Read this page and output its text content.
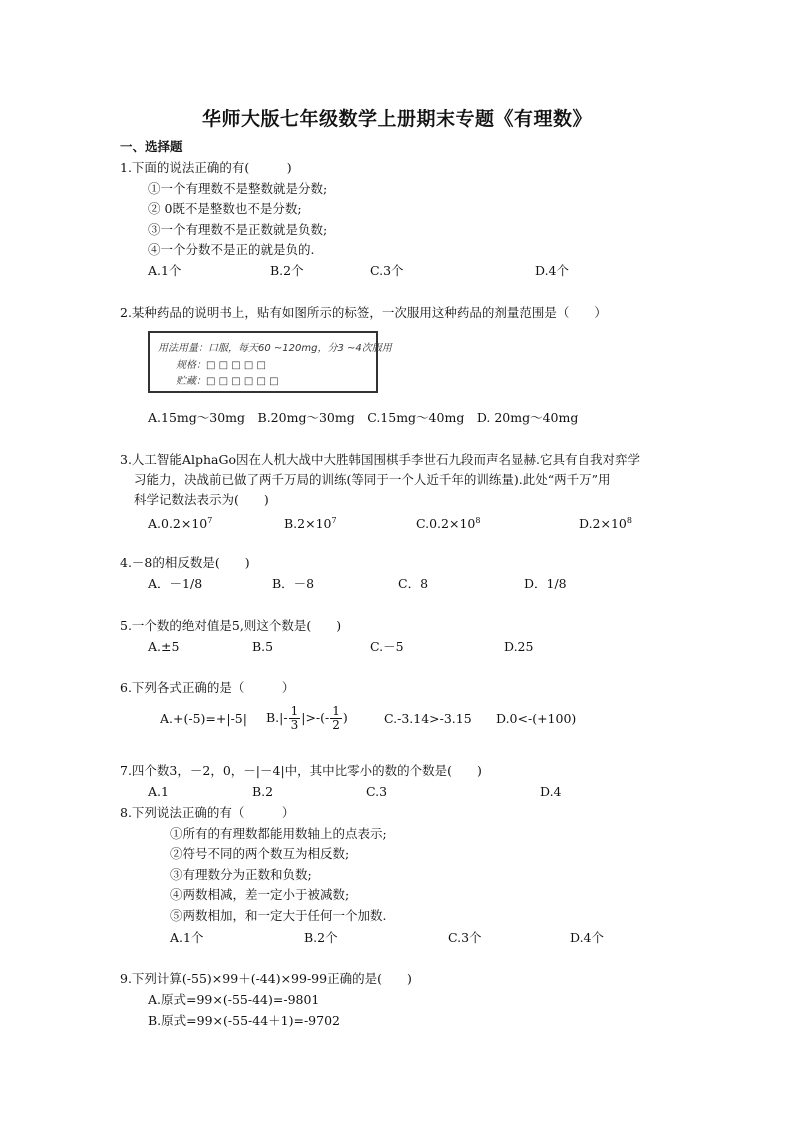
华师大版七年级数学上册期末专题《有理数》
一、选择题
1.下面的说法正确的有(　　　)
①一个有理数不是整数就是分数;
② 0既不是整数也不是分数;
③一个有理数不是正数就是负数;
④一个分数不是正的就是负的.
A.1个	B.2个	C.3个	D.4个
2.某种药品的说明书上，贴有如图所示的标签，一次服用这种药品的剂量范围是（　　）
用法用量：口服，每天60 ~120mg，分3 ~4次服用
规格：□ □ □ □ □
贮藏：□ □ □ □ □ □
A.15mg～30mg　B.20mg～30mg　C.15mg～40mg　D. 20mg～40mg
3.人工智能AlphaGo因在人机大战中大胜韩国围棋手李世石九段而声名显赫.它具有自我对弈学
习能力，决战前已做了两千万局的训练(等同于一个人近千年的训练量).此处“两千万”用
科学记数法表示为(　　)
$A.0.2\times 10^7$	$B.2\times 10^7$	$C.0.2\times 10^8$	$D.2\times 10^8$
4.－8的相反数是(　　)
A．－1/8	B．－8	C．8	D．1/8
5.一个数的绝对值是5,则这个数是(　　)
A.±5	B.5	C.－5	D.25
6.下列各式正确的是（　　　）
A.+(-5)=+|-5| $B.|- \frac{1}{3}$ |>-(- $\frac{1}{2}$ )	C.-3.14>-3.15 D.0<-(+100)
7.四个数3，－2，0，－|－4|中，其中比零小的数的个数是(　　)
A.1	B.2	C.3	D.4
8.下列说法正确的有（　　　）
①所有的有理数都能用数轴上的点表示;
②符号不同的两个数互为相反数;
③有理数分为正数和负数;
④两数相减，差一定小于被减数;
⑤两数相加，和一定大于任何一个加数.
A.1个	B.2个	C.3个	D.4个
9.下列计算(-55)×99＋(-44)×99-99正确的是(　　)
A.原式=99×(-55-44)=-9801
B.原式=99×(-55-44＋1)=-9702
